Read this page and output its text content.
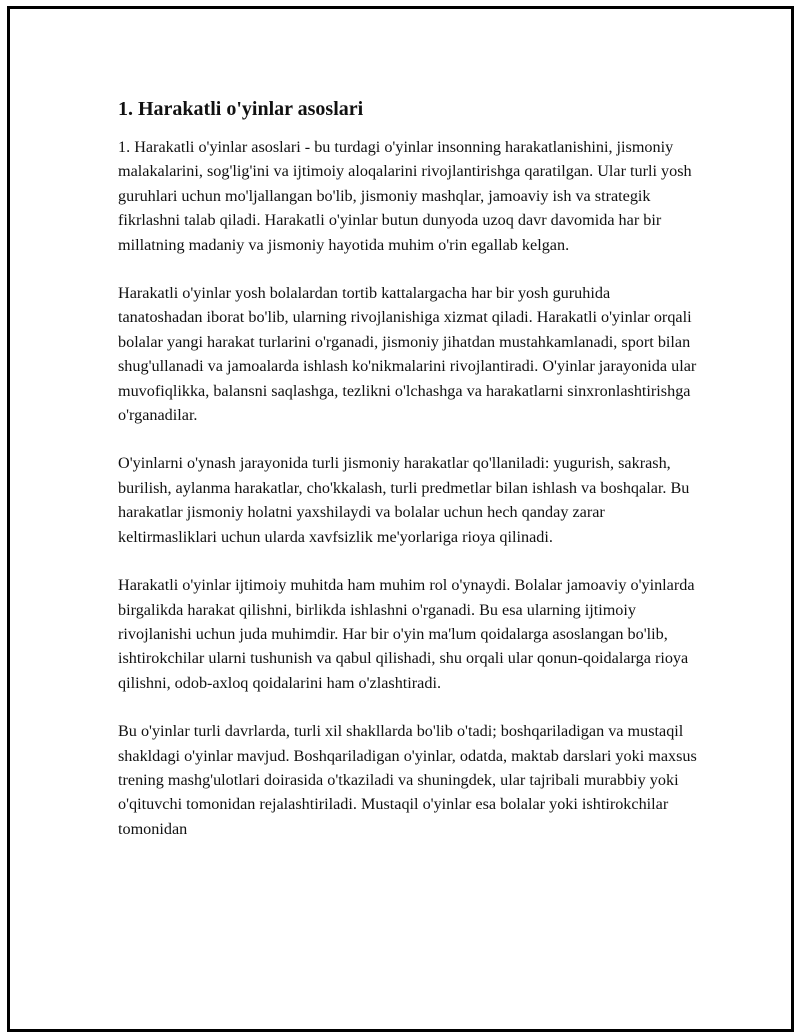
1. Harakatli o'yinlar asoslari

1. Harakatli o'yinlar asoslari - bu turdagi o'yinlar insonning harakatlanishini, jismoniy malakalarini, sog'lig'ini va ijtimoiy aloqalarini rivojlantirishga qaratilgan. Ular turli yosh guruhlari uchun mo'ljallangan bo'lib, jismoniy mashqlar, jamoaviy ish va strategik fikrlashni talab qiladi. Harakatli o'yinlar butun dunyoda uzoq davr davomida har bir millatning madaniy va jismoniy hayotida muhim o'rin egallab kelgan.

Harakatli o'yinlar yosh bolalardan tortib kattalargacha har bir yosh guruhida tanatoshadan iborat bo'lib, ularning rivojlanishiga xizmat qiladi. Harakatli o'yinlar orqali bolalar yangi harakat turlarini o'rganadi, jismoniy jihatdan mustahkamlanadi, sport bilan shug'ullanadi va jamoalarda ishlash ko'nikmalarini rivojlantiradi. O'yinlar jarayonida ular muvofiqlikka, balansni saqlashga, tezlikni o'lchashga va harakatlarni sinxronlashtirishga o'rganadilar.

O'yinlarni o'ynash jarayonida turli jismoniy harakatlar qo'llaniladi: yugurish, sakrash, burilish, aylanma harakatlar, cho'kkalash, turli predmetlar bilan ishlash va boshqalar. Bu harakatlar jismoniy holatni yaxshilaydi va bolalar uchun hech qanday zarar keltirmasliklari uchun ularda xavfsizlik me'yorlariga rioya qilinadi.

Harakatli o'yinlar ijtimoiy muhitda ham muhim rol o'ynaydi. Bolalar jamoaviy o'yinlarda birgalikda harakat qilishni, birlikda ishlashni o'rganadi. Bu esa ularning ijtimoiy rivojlanishi uchun juda muhimdir. Har bir o'yin ma'lum qoidalarga asoslangan bo'lib, ishtirokchilar ularni tushunish va qabul qilishadi, shu orqali ular qonun-qoidalarga rioya qilishni, odob-axloq qoidalarini ham o'zlashtiradi.

Bu o'yinlar turli davrlarda, turli xil shakllarda bo'lib o'tadi; boshqariladigan va mustaqil shakldagi o'yinlar mavjud. Boshqariladigan o'yinlar, odatda, maktab darslari yoki maxsus trening mashg'ulotlari doirasida o'tkaziladi va shuningdek, ular tajribali murabbiy yoki o'qituvchi tomonidan rejalashtiriladi. Mustaqil o'yinlar esa bolalar yoki ishtirokchilar tomonidan
